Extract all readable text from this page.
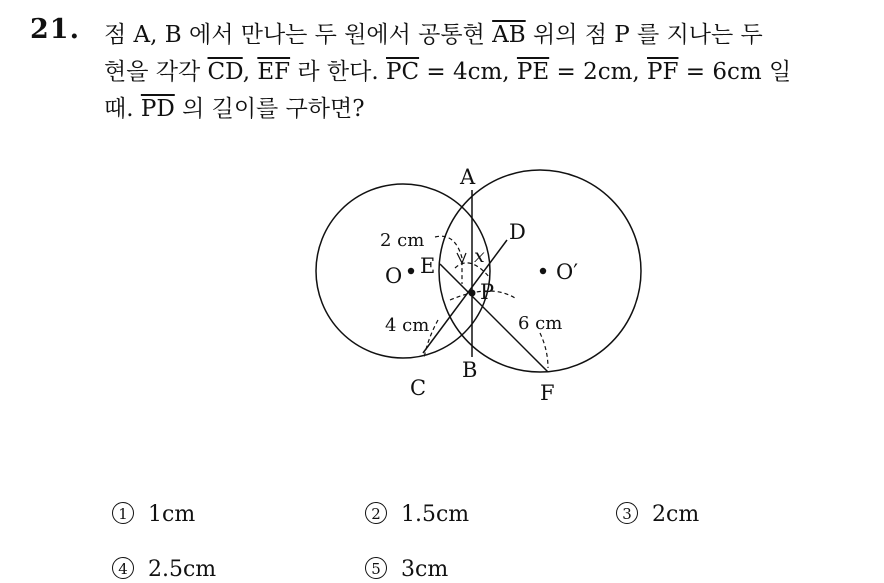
21. 점 A, B 에서 만나는 두 원에서 공통현 $\overline{AB}$ 위의 점 P 를 지나는 두
현을 각각 $\overline{CD}$, $\overline{EF}$ 라 한다. $\overline{PC} = 4cm$, $\overline{PE} = 2cm$, $\overline{PF} = 6cm$ 일
때. $\overline{PD}$ 의 길이를 구하면?
A
B
C
D
E
F
P
O	O′
x
2 cm
4 cm	6 cm
1 1cm	2 1.5cm	3 2cm
4 2.5cm	5 3cm
